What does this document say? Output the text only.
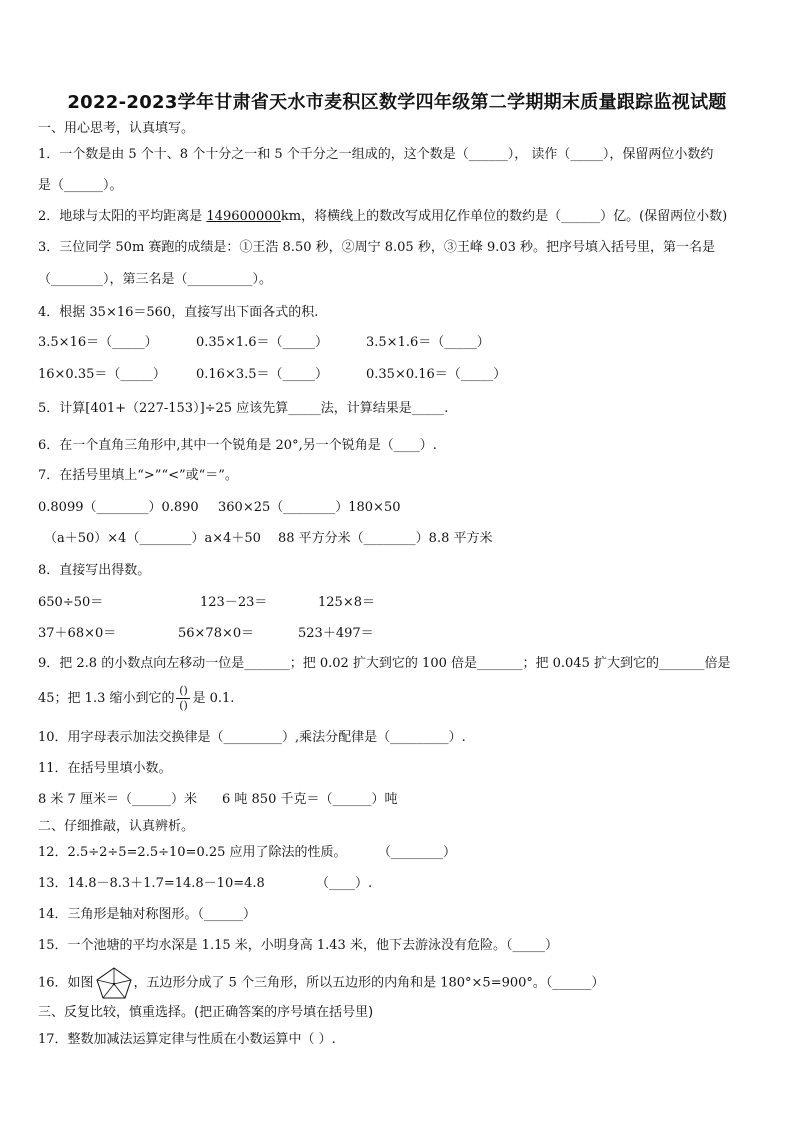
2022-2023学年甘肃省天水市麦积区数学四年级第二学期期末质量跟踪监视试题
一、用心思考，认真填写。
1．一个数是由 5 个十、8 个十分之一和 5 个千分之一组成的，这个数是（______）， 读作（_____），保留两位小数约
是（______）。
2．地球与太阳的平均距离是 149600000km，将横线上的数改写成用亿作单位的数约是（______）亿。(保留两位小数)
3．三位同学 50m 赛跑的成绩是：①王浩 8.50 秒，②周宁 8.05 秒，③王峰 9.03 秒。把序号填入括号里，第一名是
（________），第三名是（__________）。
4．根据 35×16＝560，直接写出下面各式的积.
3.5×16＝（_____）	0.35×1.6＝（_____）	3.5×1.6＝（_____）
16×0.35＝（_____） 0.16×3.5＝（_____）	0.35×0.16＝（_____）
5．计算[401+（227-153）]÷25 应该先算_____法，计算结果是_____.
6．在一个直角三角形中,其中一个锐角是 20°,另一个锐角是（____）.
7．在括号里填上“>”“<”或“＝”。
0.8099（________）0.890 360×25（________）180×50
（a＋50）×4（________）a×4＋50 88 平方分米（________）8.8 平方米
8．直接写出得数。
650÷50＝	123－23＝	125×8＝
37＋68×0＝	56×78×0＝	523＋497＝
9．把 2.8 的小数点向左移动一位是_______；把 0.02 扩大到它的 100 倍是_______；把 0.045 扩大到它的_______倍是
45；把 1.3 缩小到它的 $\frac{()}{()}$ 是 0.1.
10．用字母表示加法交换律是（_________）,乘法分配律是（_________）.
11．在括号里填小数。
8 米 7 厘米＝（______）米 6 吨 850 千克＝（______）吨
二、仔细推敲，认真辨析。
12．2.5÷2÷5=2.5÷10=0.25 应用了除法的性质。 （________）
13．14.8－8.3＋1.7=14.8－10=4.8	（____）.
14．三角形是轴对称图形。（______）
15．一个池塘的平均水深是 1.15 米，小明身高 1.43 米，他下去游泳没有危险。（_____）
16．如图	，五边形分成了 5 个三角形，所以五边形的内角和是 180°×5=900°。（______）
三、反复比较，慎重选择。(把正确答案的序号填在括号里)
17．整数加减法运算定律与性质在小数运算中（ ）.
